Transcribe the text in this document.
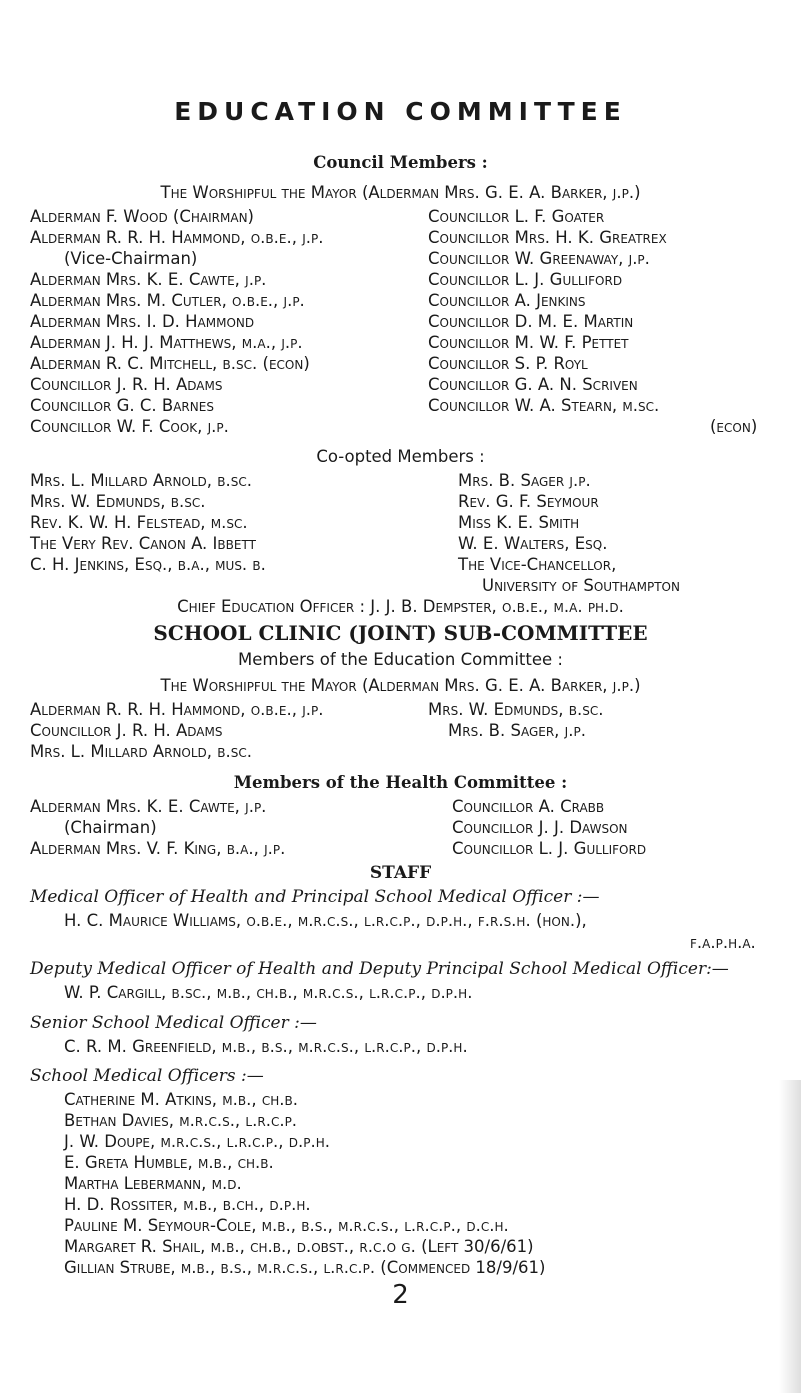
EDUCATION COMMITTEE
Council Members :
The Worshipful the Mayor (Alderman Mrs. G. E. A. Barker, j.p.)
Alderman F. Wood (Chairman)
Alderman R. R. H. Hammond, o.b.e., j.p.
(Vice-Chairman)
Alderman Mrs. K. E. Cawte, j.p.
Alderman Mrs. M. Cutler, o.b.e., j.p.
Alderman Mrs. I. D. Hammond
Alderman J. H. J. Matthews, m.a., j.p.
Alderman R. C. Mitchell, b.sc. (econ)
Councillor J. R. H. Adams
Councillor G. C. Barnes
Councillor W. F. Cook, j.p.
Councillor L. F. Goater
Councillor Mrs. H. K. Greatrex
Councillor W. Greenaway, j.p.
Councillor L. J. Gulliford
Councillor A. Jenkins
Councillor D. M. E. Martin
Councillor M. W. F. Pettet
Councillor S. P. Royl
Councillor G. A. N. Scriven
Councillor W. A. Stearn, m.sc.
(econ)
Co-opted Members :
Mrs. L. Millard Arnold, b.sc.
Mrs. W. Edmunds, b.sc.
Rev. K. W. H. Felstead, m.sc.
The Very Rev. Canon A. Ibbett
C. H. Jenkins, Esq., b.a., mus. b.
Mrs. B. Sager j.p.
Rev. G. F. Seymour
Miss K. E. Smith
W. E. Walters, Esq.
The Vice-Chancellor,
University of Southampton
Chief Education Officer : J. J. B. Dempster, o.b.e., m.a. ph.d.
SCHOOL CLINIC (JOINT) SUB-COMMITTEE
Members of the Education Committee :
The Worshipful the Mayor (Alderman Mrs. G. E. A. Barker, j.p.)
Alderman R. R. H. Hammond, o.b.e., j.p.
Councillor J. R. H. Adams
Mrs. L. Millard Arnold, b.sc.
Mrs. W. Edmunds, b.sc.
Mrs. B. Sager, j.p.
Members of the Health Committee :
Alderman Mrs. K. E. Cawte, j.p.
(Chairman)
Alderman Mrs. V. F. King, b.a., j.p.
Councillor A. Crabb
Councillor J. J. Dawson
Councillor L. J. Gulliford
STAFF
Medical Officer of Health and Principal School Medical Officer :—
H. C. Maurice Williams, o.b.e., m.r.c.s., l.r.c.p., d.p.h., f.r.s.h. (hon.),
f.a.p.h.a.
Deputy Medical Officer of Health and Deputy Principal School Medical Officer:—
W. P. Cargill, b.sc., m.b., ch.b., m.r.c.s., l.r.c.p., d.p.h.
Senior School Medical Officer :—
C. R. M. Greenfield, m.b., b.s., m.r.c.s., l.r.c.p., d.p.h.
School Medical Officers :—
Catherine M. Atkins, m.b., ch.b.
Bethan Davies, m.r.c.s., l.r.c.p.
J. W. Doupe, m.r.c.s., l.r.c.p., d.p.h.
E. Greta Humble, m.b., ch.b.
Martha Lebermann, m.d.
H. D. Rossiter, m.b., b.ch., d.p.h.
Pauline M. Seymour-Cole, m.b., b.s., m.r.c.s., l.r.c.p., d.c.h.
Margaret R. Shail, m.b., ch.b., d.obst., r.c.o g. (Left 30/6/61)
Gillian Strube, m.b., b.s., m.r.c.s., l.r.c.p. (Commenced 18/9/61)
2
